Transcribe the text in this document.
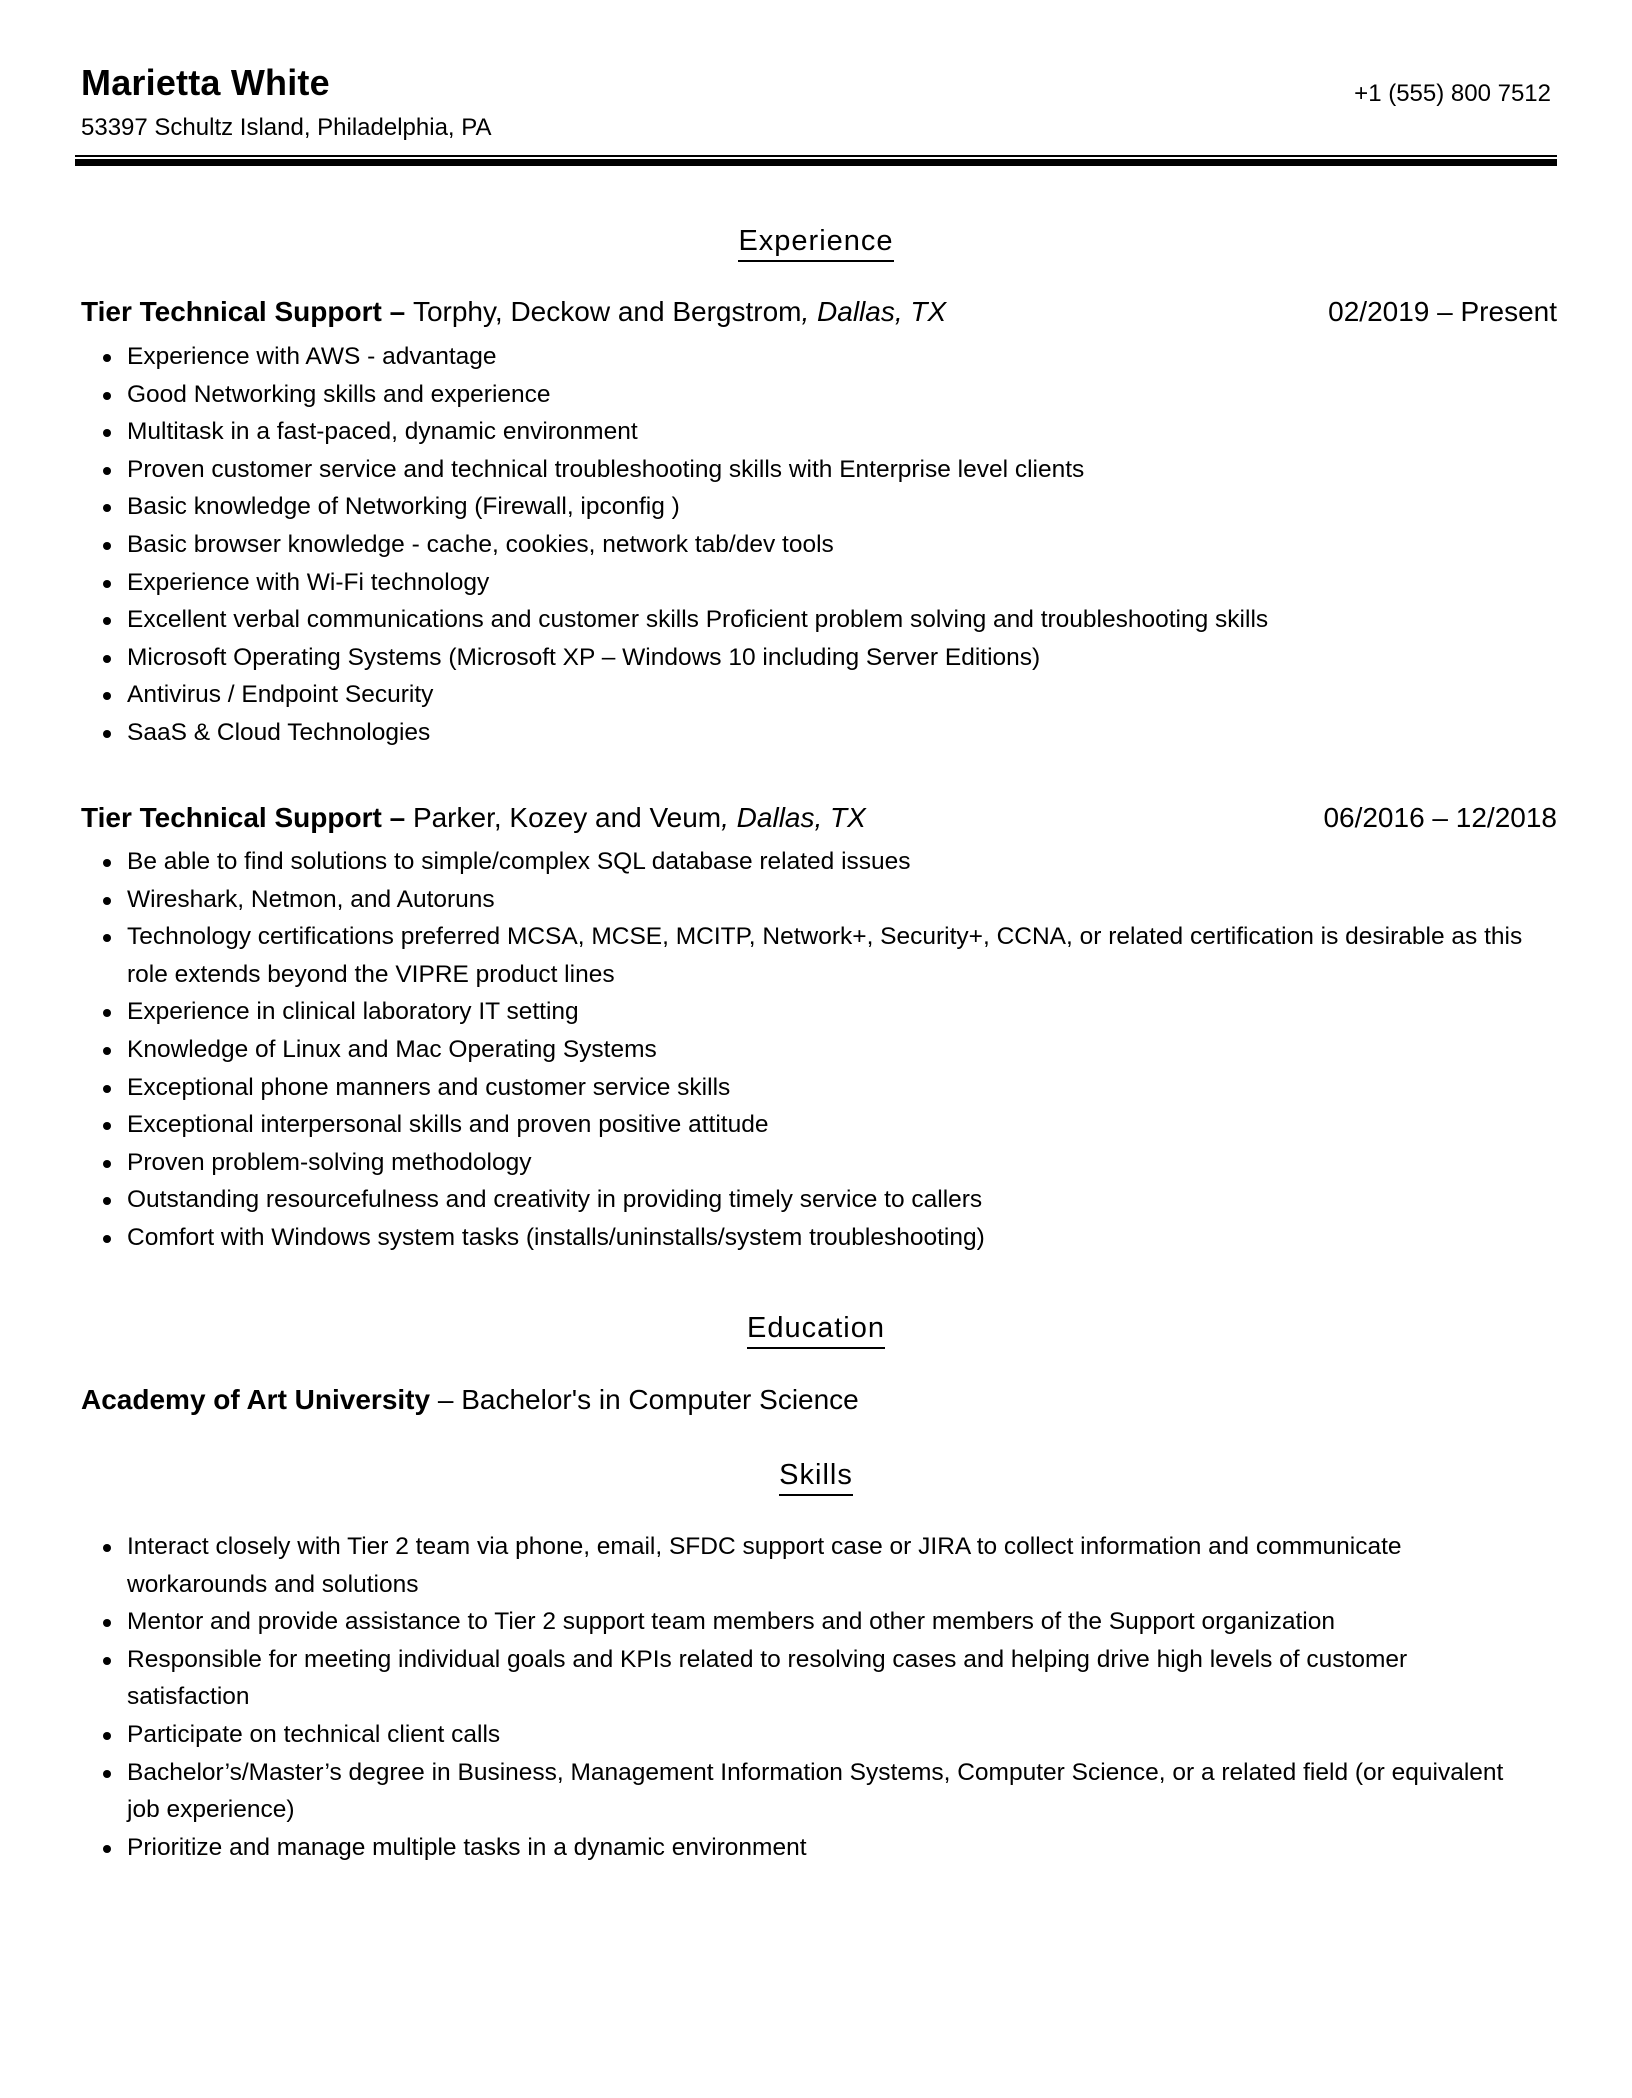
Marietta White
53397 Schultz Island, Philadelphia, PA
+1 (555) 800 7512
Experience
Tier Technical Support – Torphy, Deckow and Bergstrom, Dallas, TX	02/2019 – Present
Experience with AWS - advantage
Good Networking skills and experience
Multitask in a fast-paced, dynamic environment
Proven customer service and technical troubleshooting skills with Enterprise level clients
Basic knowledge of Networking (Firewall, ipconfig )
Basic browser knowledge - cache, cookies, network tab/dev tools
Experience with Wi-Fi technology
Excellent verbal communications and customer skills Proficient problem solving and troubleshooting skills
Microsoft Operating Systems (Microsoft XP – Windows 10 including Server Editions)
Antivirus / Endpoint Security
SaaS & Cloud Technologies
Tier Technical Support – Parker, Kozey and Veum, Dallas, TX	06/2016 – 12/2018
Be able to find solutions to simple/complex SQL database related issues
Wireshark, Netmon, and Autoruns
Technology certifications preferred MCSA, MCSE, MCITP, Network+, Security+, CCNA, or related certification is desirable as this role extends beyond the VIPRE product lines
Experience in clinical laboratory IT setting
Knowledge of Linux and Mac Operating Systems
Exceptional phone manners and customer service skills
Exceptional interpersonal skills and proven positive attitude
Proven problem-solving methodology
Outstanding resourcefulness and creativity in providing timely service to callers
Comfort with Windows system tasks (installs/uninstalls/system troubleshooting)
Education
Academy of Art University – Bachelor's in Computer Science
Skills
Interact closely with Tier 2 team via phone, email, SFDC support case or JIRA to collect information and communicate workarounds and solutions
Mentor and provide assistance to Tier 2 support team members and other members of the Support organization
Responsible for meeting individual goals and KPIs related to resolving cases and helping drive high levels of customer satisfaction
Participate on technical client calls
Bachelor’s/Master’s degree in Business, Management Information Systems, Computer Science, or a related field (or equivalent job experience)
Prioritize and manage multiple tasks in a dynamic environment
